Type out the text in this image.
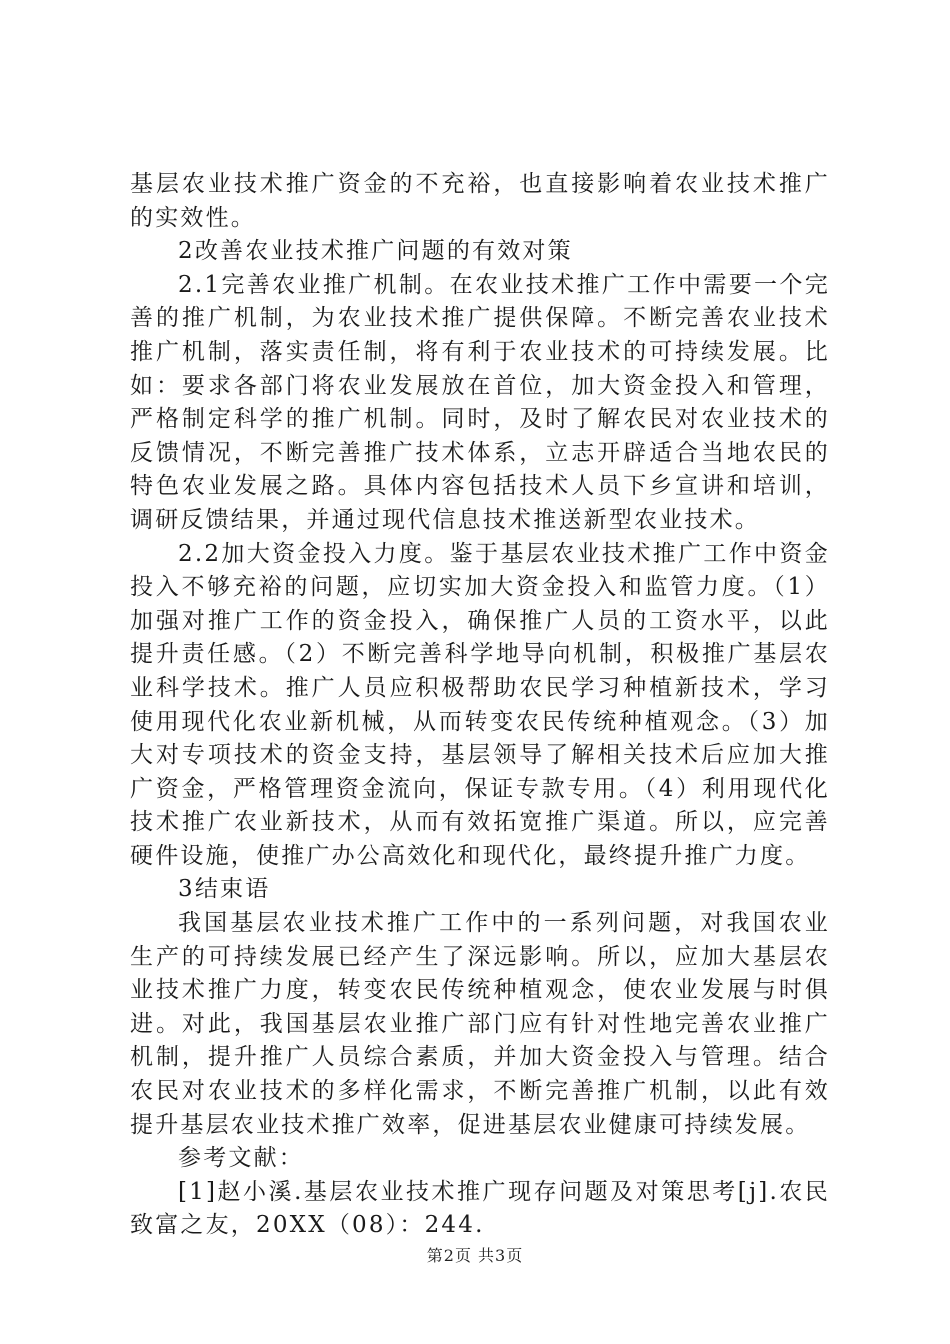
基层农业技术推广资金的不充裕，也直接影响着农业技术推广的实效性。

2改善农业技术推广问题的有效对策

2.1完善农业推广机制。在农业技术推广工作中需要一个完善的推广机制，为农业技术推广提供保障。不断完善农业技术推广机制，落实责任制，将有利于农业技术的可持续发展。比如：要求各部门将农业发展放在首位，加大资金投入和管理，严格制定科学的推广机制。同时，及时了解农民对农业技术的反馈情况，不断完善推广技术体系，立志开辟适合当地农民的特色农业发展之路。具体内容包括技术人员下乡宣讲和培训，调研反馈结果，并通过现代信息技术推送新型农业技术。

2.2加大资金投入力度。鉴于基层农业技术推广工作中资金投入不够充裕的问题，应切实加大资金投入和监管力度。（1）加强对推广工作的资金投入，确保推广人员的工资水平，以此提升责任感。（2）不断完善科学地导向机制，积极推广基层农业科学技术。推广人员应积极帮助农民学习种植新技术，学习使用现代化农业新机械，从而转变农民传统种植观念。（3）加大对专项技术的资金支持，基层领导了解相关技术后应加大推广资金，严格管理资金流向，保证专款专用。（4）利用现代化技术推广农业新技术，从而有效拓宽推广渠道。所以，应完善硬件设施，使推广办公高效化和现代化，最终提升推广力度。

3结束语

我国基层农业技术推广工作中的一系列问题，对我国农业生产的可持续发展已经产生了深远影响。所以，应加大基层农业技术推广力度，转变农民传统种植观念，使农业发展与时俱进。对此，我国基层农业推广部门应有针对性地完善农业推广机制，提升推广人员综合素质，并加大资金投入与管理。结合农民对农业技术的多样化需求，不断完善推广机制，以此有效提升基层农业技术推广效率，促进基层农业健康可持续发展。

参考文献：

[1]赵小溪.基层农业技术推广现存问题及对策思考[j].农民致富之友，20XX（08）：244.

第2页 共3页
